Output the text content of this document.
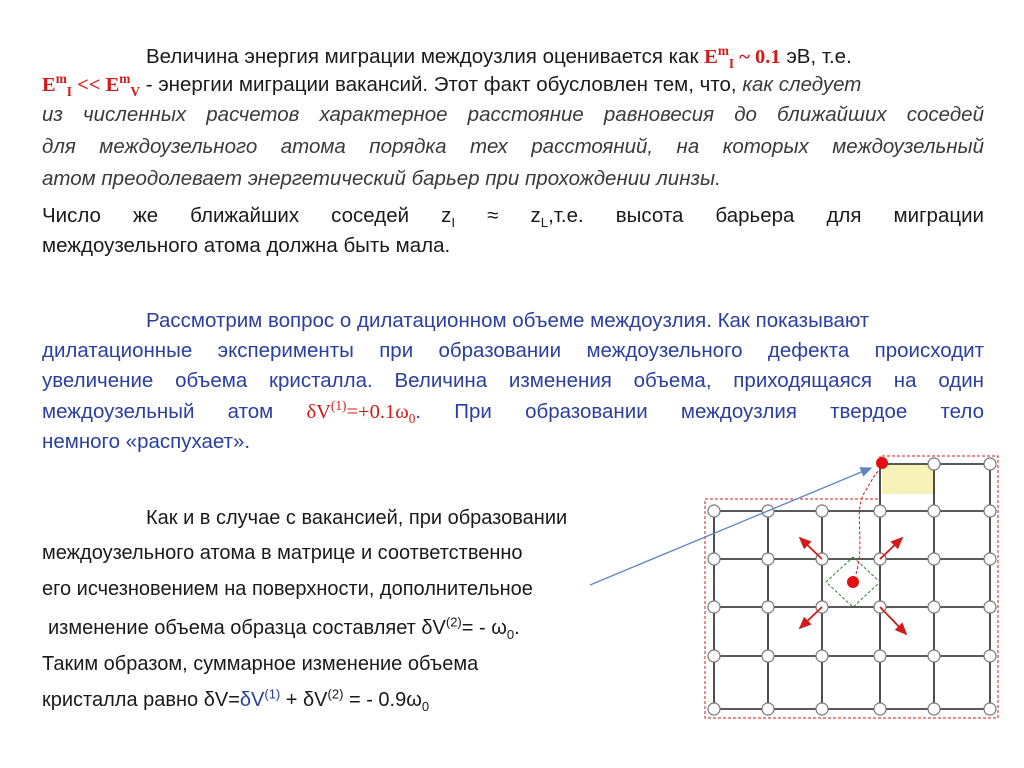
Величина энергия миграции междоузлия оценивается как $E^m_I$ ~ 0.1 эВ, т.е.
$E^m_I << E^m_V$ - энергии миграции вакансий. Этот факт обусловлен тем, что, как следует
из численных расчетов характерное расстояние равновесия до ближайших соседей
для междоузельного атома порядка тех расстояний, на которых междоузельный
атом преодолевает энергетический барьер при прохождении линзы.
Число же ближайших соседей $z_I \approx z_L,т.е$. высота барьера для миграции
междоузельного атома должна быть мала.
Рассмотрим вопрос о дилатационном объеме междоузлия. Как показывают
дилатационные эксперименты при образовании междоузельного дефекта происходит
увеличение объема кристалла. Величина изменения объема, приходящаяся на один
междоузельный атом $\delta V^{(1)}=+0.1\omega_0$. При образовании междоузлия твердое тело
немного «распухает».
Как и в случае с вакансией, при образовании
междоузельного атома в матрице и соответственно
его исчезновением на поверхности, дополнительное
изменение объема образца составляет $\delta V^{(2)}= - \omega_0$.
Таким образом, суммарное изменение объема
кристалла равно $\delta V=\delta V^{(1)} + \delta V^{(2)}$ = - $0.9\omega_0$
